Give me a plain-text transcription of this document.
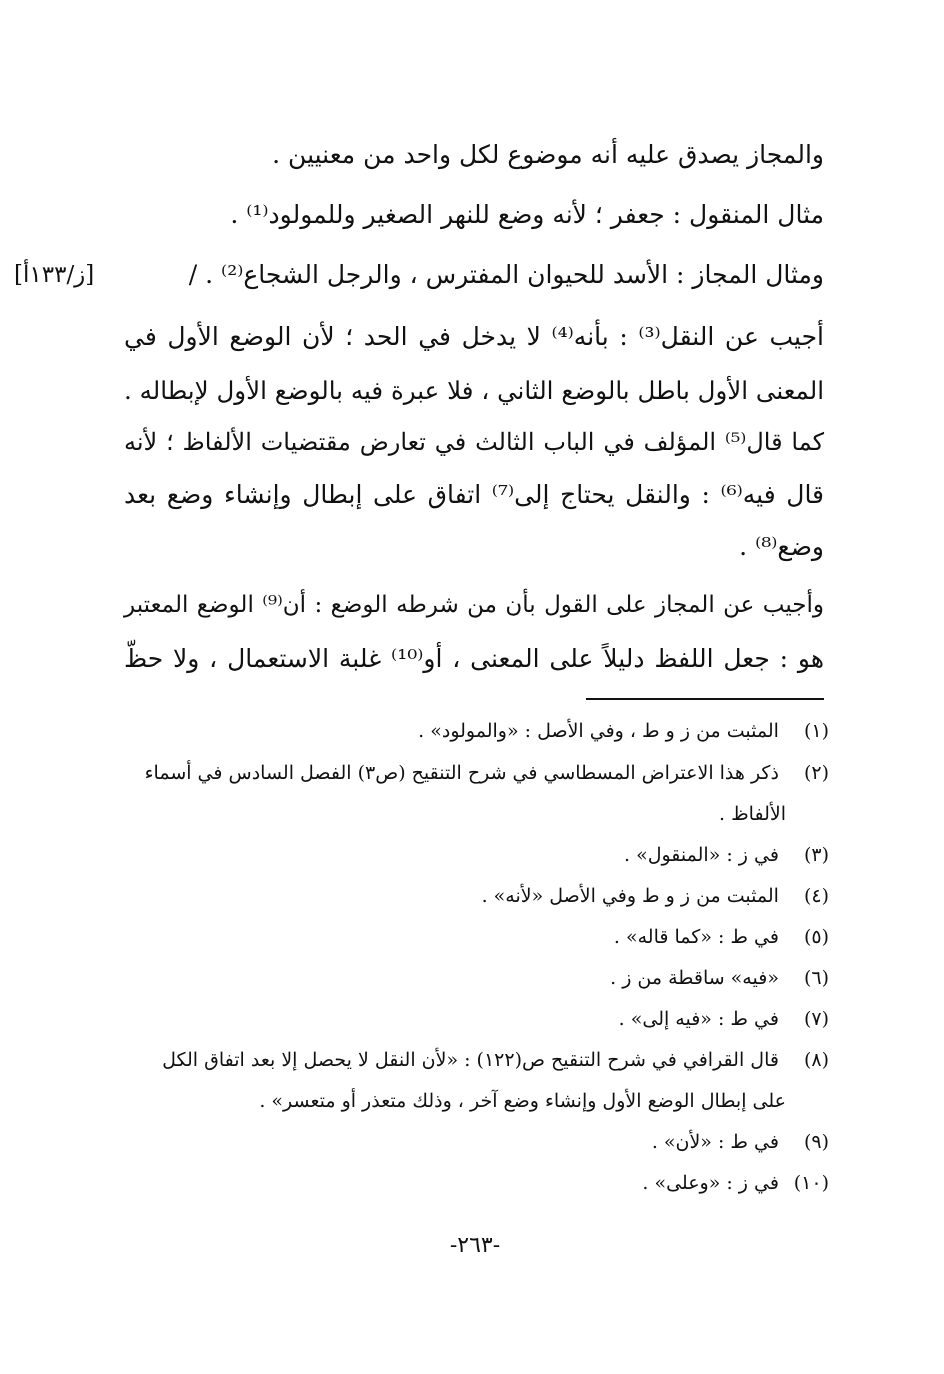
والمجاز يصدق عليه أنه موضوع لكل واحد من معنيين .
مثال المنقول : جعفر ؛ لأنه وضع للنهر الصغير وللمولود⁽¹⁾ .
ومثال المجاز : الأسد للحيوان المفترس ، والرجل الشجاع⁽²⁾ . /
[ز/١٣٣أ]
أجيب عن النقل⁽³⁾ : بأنه⁽⁴⁾ لا يدخل في الحد ؛ لأن الوضع الأول في
المعنى الأول باطل بالوضع الثاني ، فلا عبرة فيه بالوضع الأول لإبطاله .
كما قال⁽⁵⁾ المؤلف في الباب الثالث في تعارض مقتضيات الألفاظ ؛ لأنه
قال فيه⁽⁶⁾ : والنقل يحتاج إلى⁽⁷⁾ اتفاق على إبطال وإنشاء وضع بعد
وضع⁽⁸⁾ .
وأجيب عن المجاز على القول بأن من شرطه الوضع : أن⁽⁹⁾ الوضع المعتبر
هو : جعل اللفظ دليلاً على المعنى ، أو⁽¹⁰⁾ غلبة الاستعمال ، ولا حظّ
(١) المثبت من ز و ط ، وفي الأصل : «والمولود» .
(٢) ذكر هذا الاعتراض المسطاسي في شرح التنقيح (ص٣) الفصل السادس في أسماء
الألفاظ .
(٣) في ز : «المنقول» .
(٤) المثبت من ز و ط وفي الأصل «لأنه» .
(٥) في ط : «كما قاله» .
(٦) «فيه» ساقطة من ز .
(٧) في ط : «فيه إلى» .
(٨) قال القرافي في شرح التنقيح ص(١٢٢) : «لأن النقل لا يحصل إلا بعد اتفاق الكل
على إبطال الوضع الأول وإنشاء وضع آخر ، وذلك متعذر أو متعسر» .
(٩) في ط : «لأن» .
(١٠) في ز : «وعلى» .
-٢٦٣-
